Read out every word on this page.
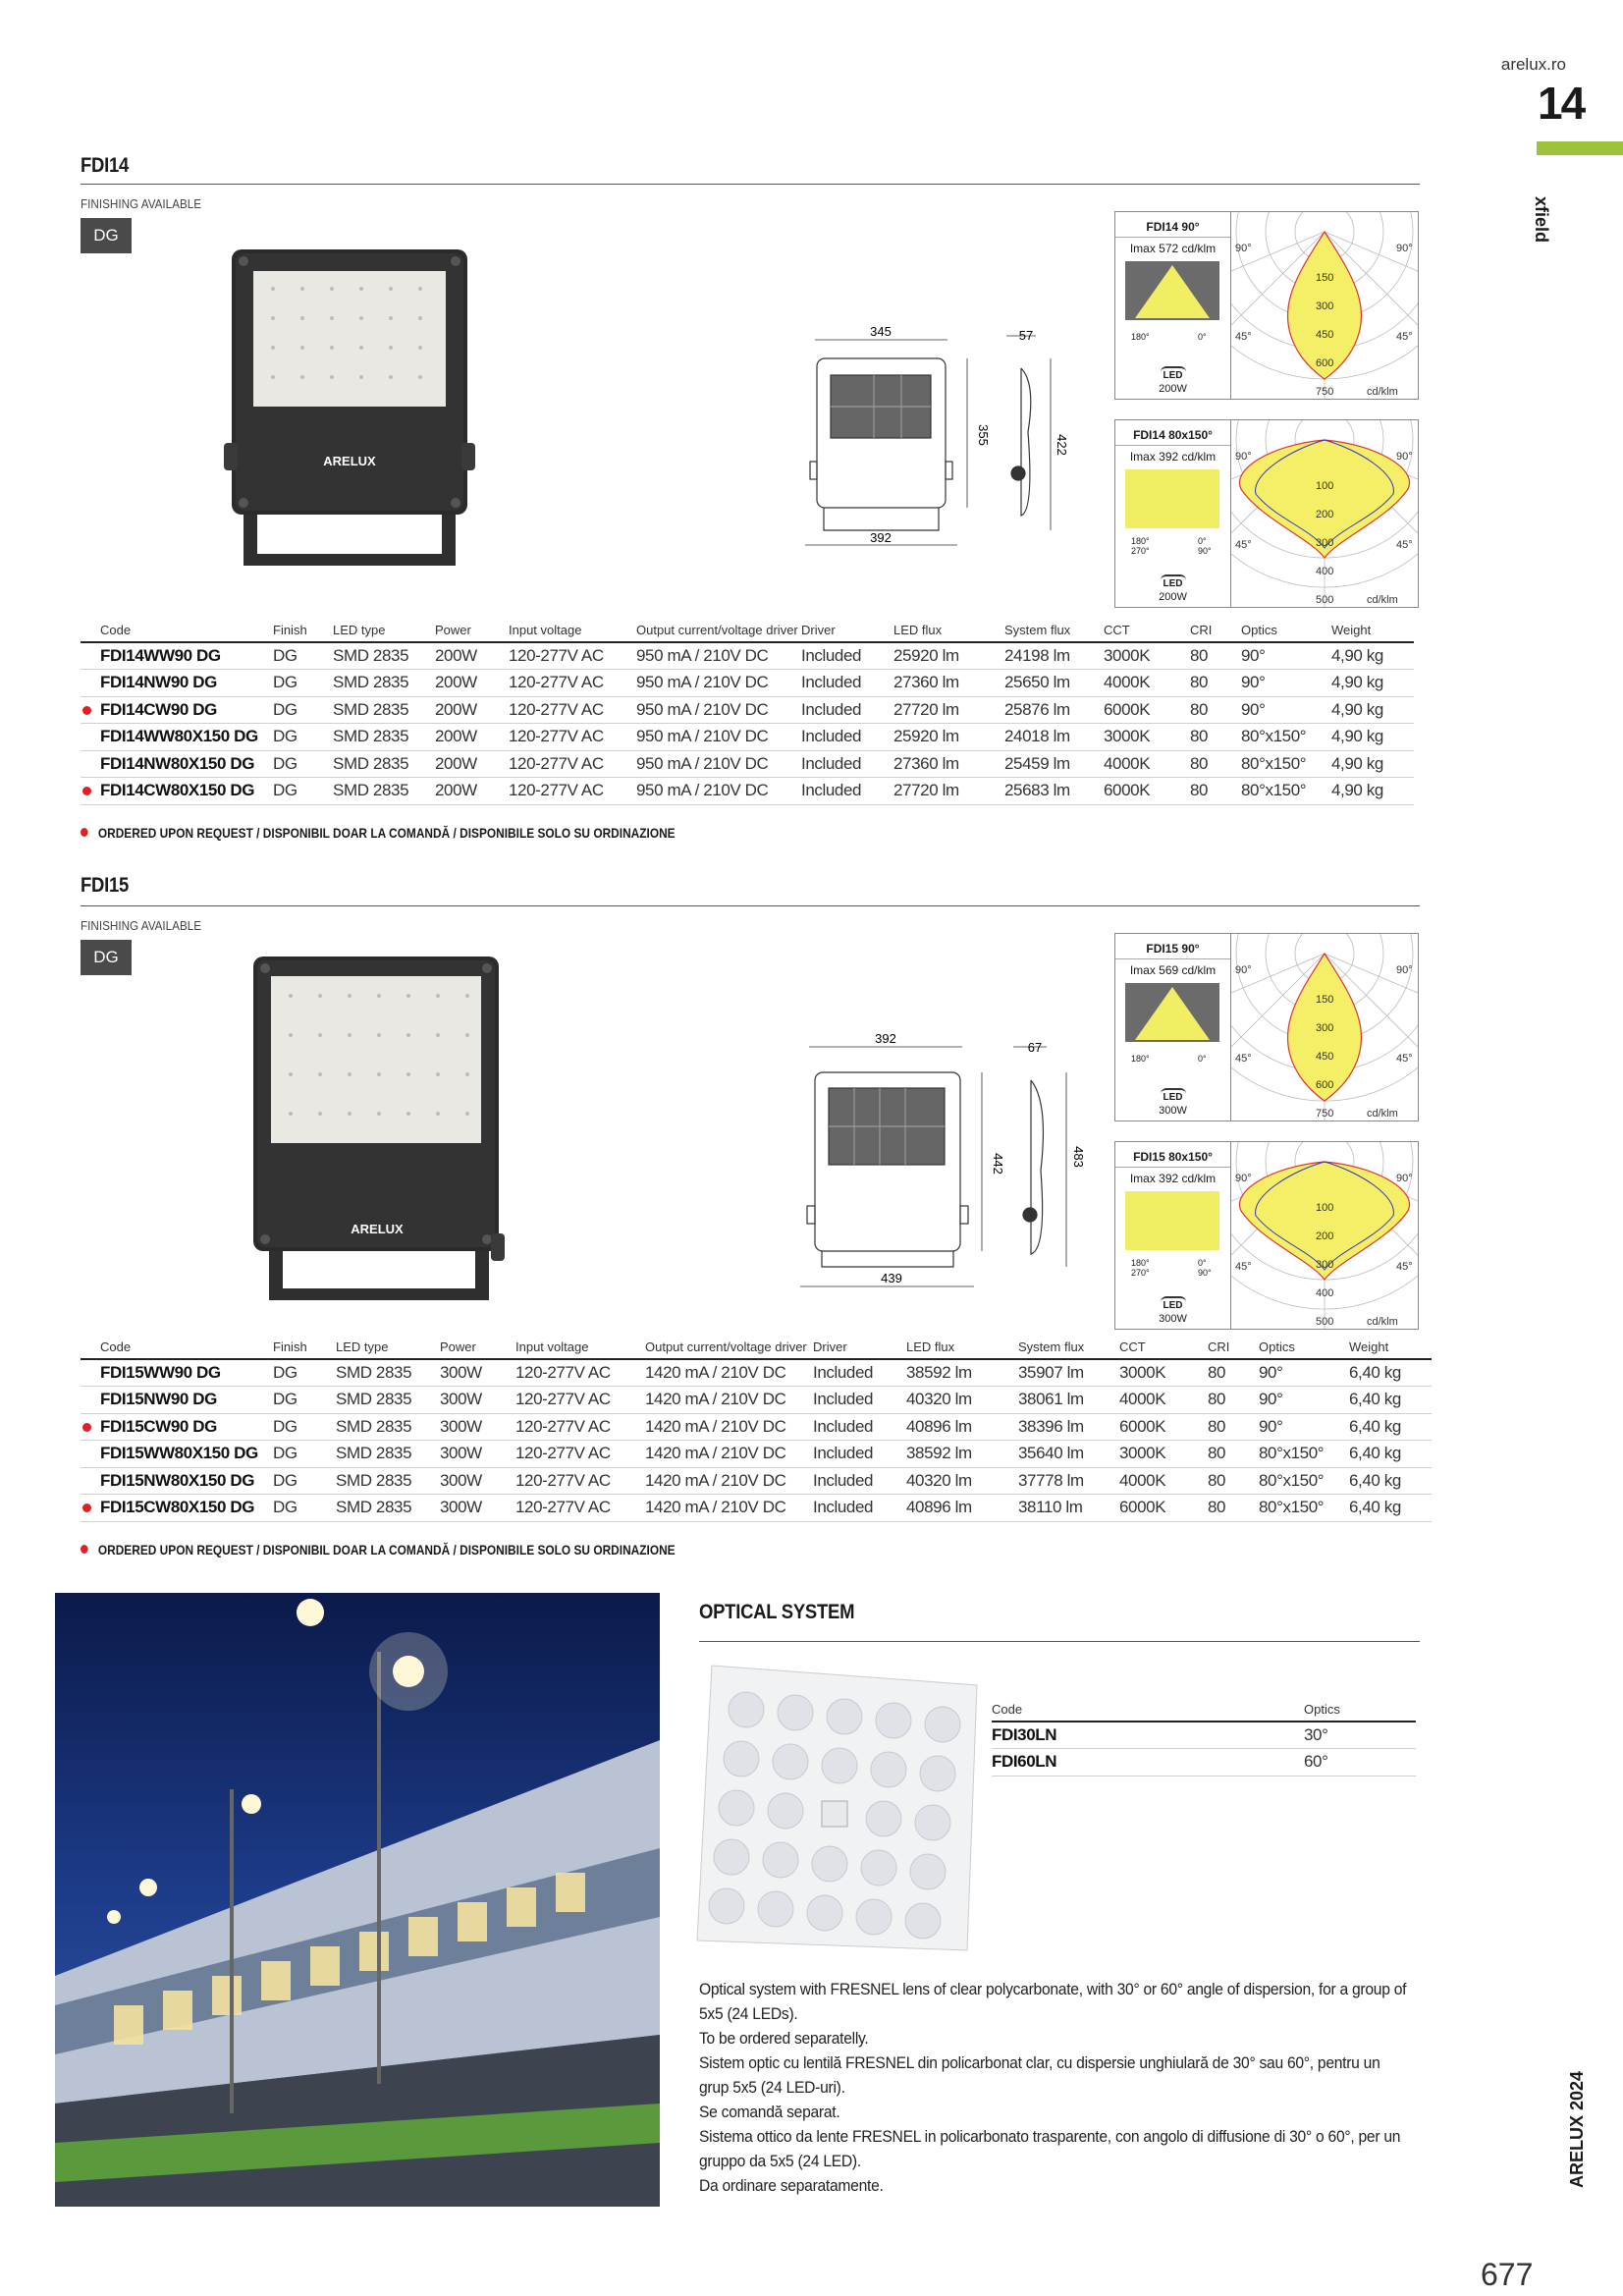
arelux.ro
14
xfield
ARELUX 2024
677
FDI14
FINISHING AVAILABLE
DG
ARELUX
345	57
355	422
392
FDI14 90°
Imax 572 cd/klm
180°	0°
LED
200W
90°	90°
45°	45°
150
300
450
600
750	cd/klm
FDI14 80x150°
Imax 392 cd/klm
180°	0°
270°	90°
LED
200W
90°	90°
45°	45°
100
200
300
400
500	cd/klm
Code	Finish	LED type	Power	Input voltage	Output current/voltage driver	Driver	LED flux	System flux	CCT	CRI	Optics	Weight
FDI14WW90 DG	DG	SMD 2835	200W	120-277V AC	950 mA / 210V DC	Included	25920 lm	24198 lm	3000K	80	90°	4,90 kg
FDI14NW90 DG	DG	SMD 2835	200W	120-277V AC	950 mA / 210V DC	Included	27360 lm	25650 lm	4000K	80	90°	4,90 kg

FDI14CW90 DG	DG	SMD 2835	200W	120-277V AC	950 mA / 210V DC	Included	27720 lm	25876 lm	6000K	80	90°	4,90 kg
FDI14WW80X150 DG	DG	SMD 2835	200W	120-277V AC	950 mA / 210V DC	Included	25920 lm	24018 lm	3000K	80	80°x150°	4,90 kg
FDI14NW80X150 DG	DG	SMD 2835	200W	120-277V AC	950 mA / 210V DC	Included	27360 lm	25459 lm	4000K	80	80°x150°	4,90 kg

FDI14CW80X150 DG	DG	SMD 2835	200W	120-277V AC	950 mA / 210V DC	Included	27720 lm	25683 lm	6000K	80	80°x150°	4,90 kg
ORDERED UPON REQUEST / DISPONIBIL DOAR LA COMANDĂ / DISPONIBILE SOLO SU ORDINAZIONE
FDI15
FINISHING AVAILABLE
DG
ARELUX
392
67
442	483
439
FDI15 90°
Imax 569 cd/klm
180°	0°
LED
300W
90°	90°
45°	45°
150
300
450
600
750	cd/klm
FDI15 80x150°
Imax 392 cd/klm
180°	0°
270°	90°
LED
300W
90°	90°
45°	45°
100
200
300
400
500	cd/klm
Code	Finish	LED type	Power	Input voltage	Output current/voltage driver	Driver	LED flux	System flux	CCT	CRI	Optics	Weight
FDI15WW90 DG	DG	SMD 2835	300W	120-277V AC	1420 mA / 210V DC	Included	38592 lm	35907 lm	3000K	80	90°	6,40 kg
FDI15NW90 DG	DG	SMD 2835	300W	120-277V AC	1420 mA / 210V DC	Included	40320 lm	38061 lm	4000K	80	90°	6,40 kg

FDI15CW90 DG	DG	SMD 2835	300W	120-277V AC	1420 mA / 210V DC	Included	40896 lm	38396 lm	6000K	80	90°	6,40 kg
FDI15WW80X150 DG	DG	SMD 2835	300W	120-277V AC	1420 mA / 210V DC	Included	38592 lm	35640 lm	3000K	80	80°x150°	6,40 kg
FDI15NW80X150 DG	DG	SMD 2835	300W	120-277V AC	1420 mA / 210V DC	Included	40320 lm	37778 lm	4000K	80	80°x150°	6,40 kg

FDI15CW80X150 DG	DG	SMD 2835	300W	120-277V AC	1420 mA / 210V DC	Included	40896 lm	38110 lm	6000K	80	80°x150°	6,40 kg
ORDERED UPON REQUEST / DISPONIBIL DOAR LA COMANDĂ / DISPONIBILE SOLO SU ORDINAZIONE
OPTICAL SYSTEM
Code	Optics
FDI30LN	30°
FDI60LN	60°
Optical system with FRESNEL lens of clear polycarbonate, with 30° or 60° angle of dispersion, for a group of 5x5 (24 LEDs).
To be ordered separatelly.
Sistem optic cu lentilă FRESNEL din policarbonat clar, cu dispersie unghiulară de 30° sau 60°, pentru un grup 5x5 (24 LED-uri).
Se comandă separat.
Sistema ottico da lente FRESNEL in policarbonato trasparente, con angolo di diffusione di 30° o 60°, per un gruppo da 5x5 (24 LED).
Da ordinare separatamente.
